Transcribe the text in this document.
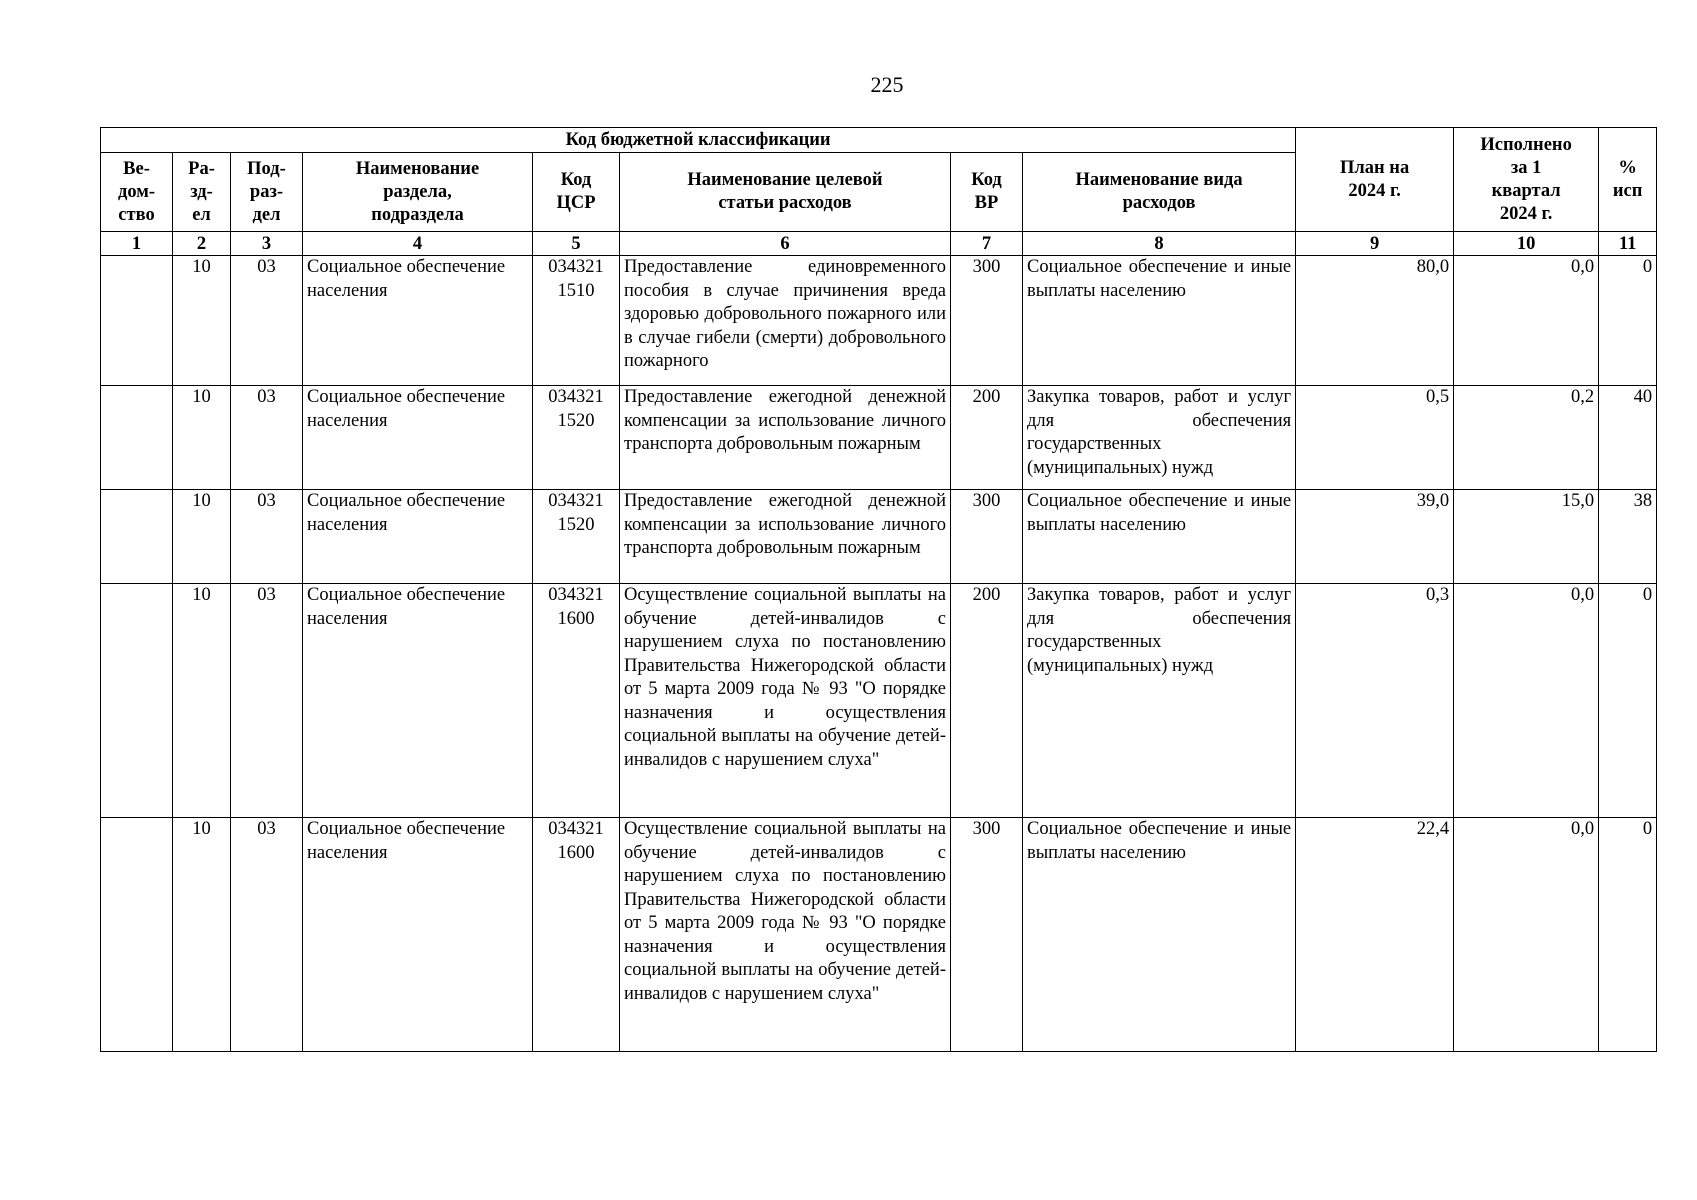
225
Код бюджетной классификации								План на
2024 г.	Исполнено
за 1
квартал
2024 г.	%
исп
Ве-
дом-
ство	Ра-
зд-
ел	Под-
раз-
дел	Наименование
раздела,
подраздела	Код
ЦСР	Наименование целевой
статьи расходов	Код
ВР	Наименование вида
расходов			
1	2	3	4	5	6	7	8	9	10	11
	10	03	Социальное обеспечение населения	034321
1510	Предоставление единовременного пособия в случае причинения вреда здоровью добровольного пожарного или в случае гибели (смерти) добровольного пожарного	300	Социальное обеспечение и иные выплаты населению	80,0	0,0	0
	10	03	Социальное обеспечение населения	034321
1520	Предоставление ежегодной денежной компенсации за использование личного транспорта добровольным пожарным	200	Закупка товаров, работ и услуг для обеспечения государственных (муниципальных) нужд	0,5	0,2	40
	10	03	Социальное обеспечение населения	034321
1520	Предоставление ежегодной денежной компенсации за использование личного транспорта добровольным пожарным	300	Социальное обеспечение и иные выплаты населению	39,0	15,0	38
	10	03	Социальное обеспечение населения	034321
1600	Осуществление социальной выплаты на обучение детей-инвалидов с нарушением слуха по постановлению Правительства Нижегородской области от 5 марта 2009 года № 93 "О порядке назначения и осуществления социальной выплаты на обучение детей-инвалидов с нарушением слуха"	200	Закупка товаров, работ и услуг для обеспечения государственных (муниципальных) нужд	0,3	0,0	0
	10	03	Социальное обеспечение населения	034321
1600	Осуществление социальной выплаты на обучение детей-инвалидов с нарушением слуха по постановлению Правительства Нижегородской области от 5 марта 2009 года № 93 "О порядке назначения и осуществления социальной выплаты на обучение детей-инвалидов с нарушением слуха"	300	Социальное обеспечение и иные выплаты населению	22,4	0,0	0
